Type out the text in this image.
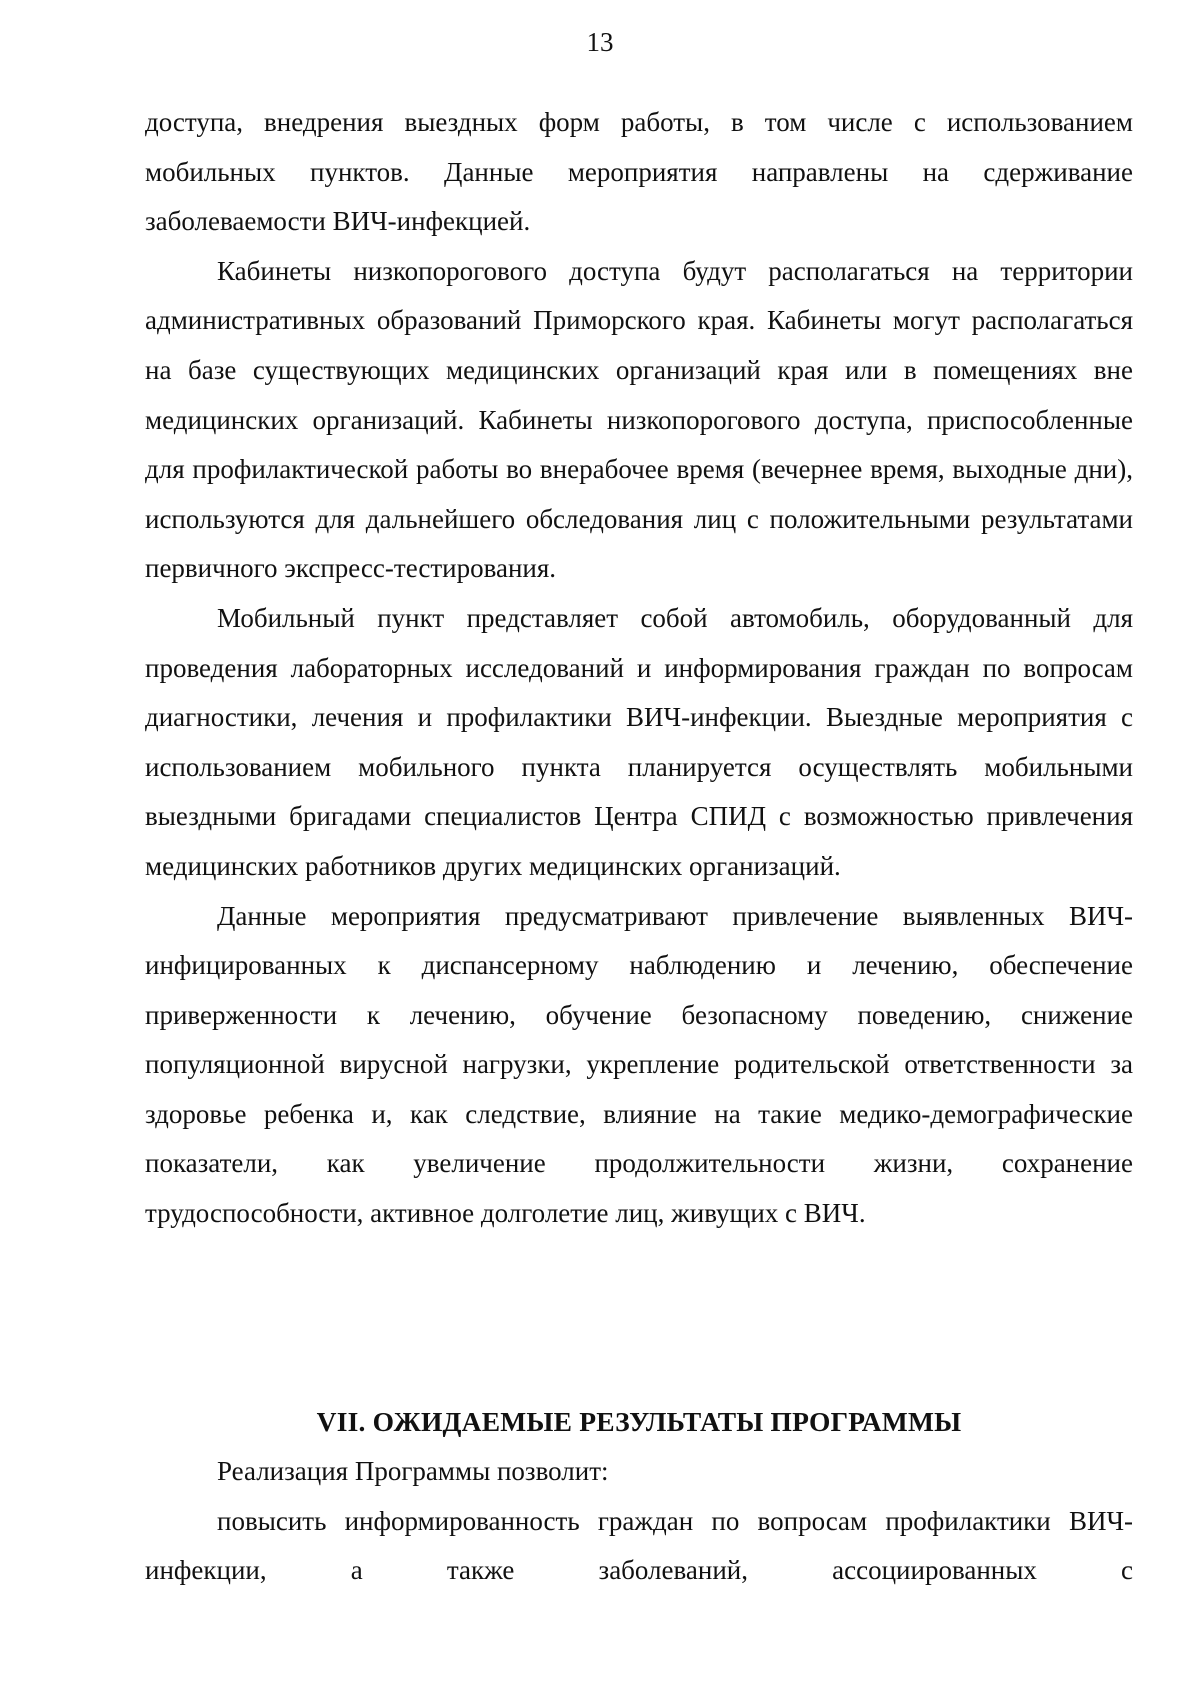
13

доступа, внедрения выездных форм работы, в том числе с использованием мобильных пунктов. Данные мероприятия направлены на сдерживание заболеваемости ВИЧ-инфекцией.

Кабинеты низкопорогового доступа будут располагаться на территории административных образований Приморского края. Кабинеты могут располагаться на базе существующих медицинских организаций края или в помещениях вне медицинских организаций. Кабинеты низкопорогового доступа, приспособленные для профилактической работы во внерабочее время (вечернее время, выходные дни), используются для дальнейшего обследования лиц с положительными результатами первичного экспресс-тестирования.

Мобильный пункт представляет собой автомобиль, оборудованный для проведения лабораторных исследований и информирования граждан по вопросам диагностики, лечения и профилактики ВИЧ-инфекции. Выездные мероприятия с использованием мобильного пункта планируется осуществлять мобильными выездными бригадами специалистов Центра СПИД с возможностью привлечения медицинских работников других медицинских организаций.

Данные мероприятия предусматривают привлечение выявленных ВИЧ-инфицированных к диспансерному наблюдению и лечению, обеспечение приверженности к лечению, обучение безопасному поведению, снижение популяционной вирусной нагрузки, укрепление родительской ответственности за здоровье ребенка и, как следствие, влияние на такие медико-демографические показатели, как увеличение продолжительности жизни, сохранение трудоспособности, активное долголетие лиц, живущих с ВИЧ.

VII. ОЖИДАЕМЫЕ РЕЗУЛЬТАТЫ ПРОГРАММЫ

Реализация Программы позволит:

повысить информированность граждан по вопросам профилактики ВИЧ-инфекции, а также заболеваний, ассоциированных с
